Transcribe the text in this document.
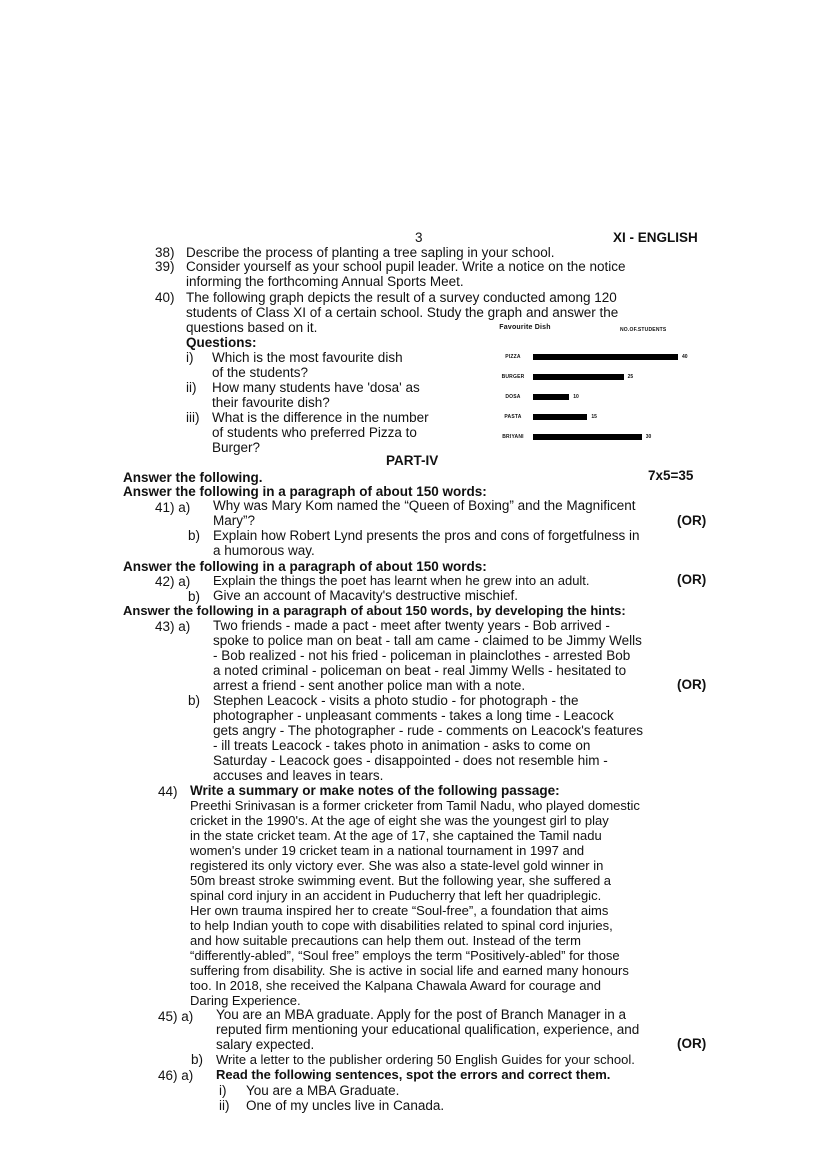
3	XI - ENGLISH
38) Describe the process of planting a tree sapling in your school.
39) Consider yourself as your school pupil leader. Write a notice on the notice
informing the forthcoming Annual Sports Meet.
40) The following graph depicts the result of a survey conducted among 120
students of Class XI of a certain school. Study the graph and answer the
questions based on it.
Questions:
i) Which is the most favourite dish
of the students?
ii) How many students have 'dosa' as
their favourite dish?
iii) What is the difference in the number
of students who preferred Pizza to
Burger?
Favourite Dish	NO.OF.STUDENTS
PIZZA	40
BURGER	25
DOSA	10
PASTA	15
BRIYANI	30
PART-IV
Answer the following.	7x5=35
Answer the following in a paragraph of about 150 words:
41) a) Why was Mary Kom named the “Queen of Boxing” and the Magnificent
Mary”?	(OR)
b) Explain how Robert Lynd presents the pros and cons of forgetfulness in
a humorous way.
Answer the following in a paragraph of about 150 words:
42) a) Explain the things the poet has learnt when he grew into an adult.	(OR)
b) Give an account of Macavity's destructive mischief.
Answer the following in a paragraph of about 150 words, by developing the hints:
43) a) Two friends - made a pact - meet after twenty years - Bob arrived -
spoke to police man on beat - tall am came - claimed to be Jimmy Wells
- Bob realized - not his fried - policeman in plainclothes - arrested Bob
a noted criminal - policeman on beat - real Jimmy Wells - hesitated to
arrest a friend - sent another police man with a note.	(OR)
b) Stephen Leacock - visits a photo studio - for photograph - the
photographer - unpleasant comments - takes a long time - Leacock
gets angry - The photographer - rude - comments on Leacock's features
- ill treats Leacock - takes photo in animation - asks to come on
Saturday - Leacock goes - disappointed - does not resemble him -
accuses and leaves in tears.
44) Write a summary or make notes of the following passage:
Preethi Srinivasan is a former cricketer from Tamil Nadu, who played domestic
cricket in the 1990's. At the age of eight she was the youngest girl to play
in the state cricket team. At the age of 17, she captained the Tamil nadu
women's under 19 cricket team in a national tournament in 1997 and
registered its only victory ever. She was also a state-level gold winner in
50m breast stroke swimming event. But the following year, she suffered a
spinal cord injury in an accident in Puducherry that left her quadriplegic.
Her own trauma inspired her to create “Soul-free”, a foundation that aims
to help Indian youth to cope with disabilities related to spinal cord injuries,
and how suitable precautions can help them out. Instead of the term
“differently-abled”, “Soul free” employs the term “Positively-abled” for those
suffering from disability. She is active in social life and earned many honours
too. In 2018, she received the Kalpana Chawala Award for courage and
Daring Experience.
45) a) You are an MBA graduate. Apply for the post of Branch Manager in a
reputed firm mentioning your educational qualification, experience, and
salary expected.	(OR)
b) Write a letter to the publisher ordering 50 English Guides for your school.
46) a) Read the following sentences, spot the errors and correct them.
i) You are a MBA Graduate.
ii) One of my uncles live in Canada.
